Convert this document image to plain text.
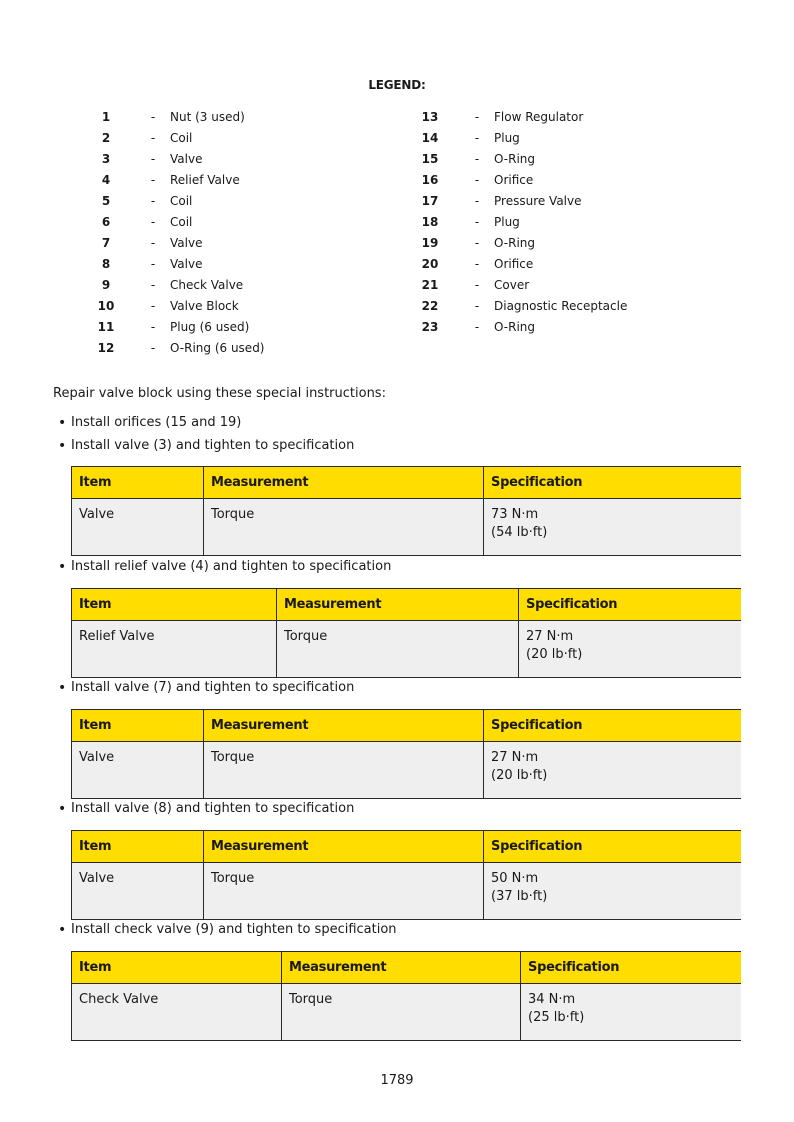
LEGEND:
1	-	Nut (3 used)
2	-	Coil
3	-	Valve
4	-	Relief Valve
5	-	Coil
6	-	Coil
7	-	Valve
8	-	Valve
9	-	Check Valve
10	-	Valve Block
11	-	Plug (6 used)
12	-	O-Ring (6 used)
13	-	Flow Regulator
14	-	Plug
15	-	O-Ring
16	-	Orifice
17	-	Pressure Valve
18	-	Plug
19	-	O-Ring
20	-	Orifice
21	-	Cover
22	-	Diagnostic Receptacle
23	-	O-Ring
Repair valve block using these special instructions:
• Install orifices (15 and 19)
• Install valve (3) and tighten to specification
Item	Measurement	Specification
Valve	Torque	73 N·m
(54 lb·ft)
• Install relief valve (4) and tighten to specification
Item	Measurement	Specification
Relief Valve	Torque	27 N·m
(20 lb·ft)
• Install valve (7) and tighten to specification
Item	Measurement	Specification
Valve	Torque	27 N·m
(20 lb·ft)
• Install valve (8) and tighten to specification
Item	Measurement	Specification
Valve	Torque	50 N·m
(37 lb·ft)
• Install check valve (9) and tighten to specification
Item	Measurement	Specification
Check Valve	Torque	34 N·m
(25 lb·ft)
1789
